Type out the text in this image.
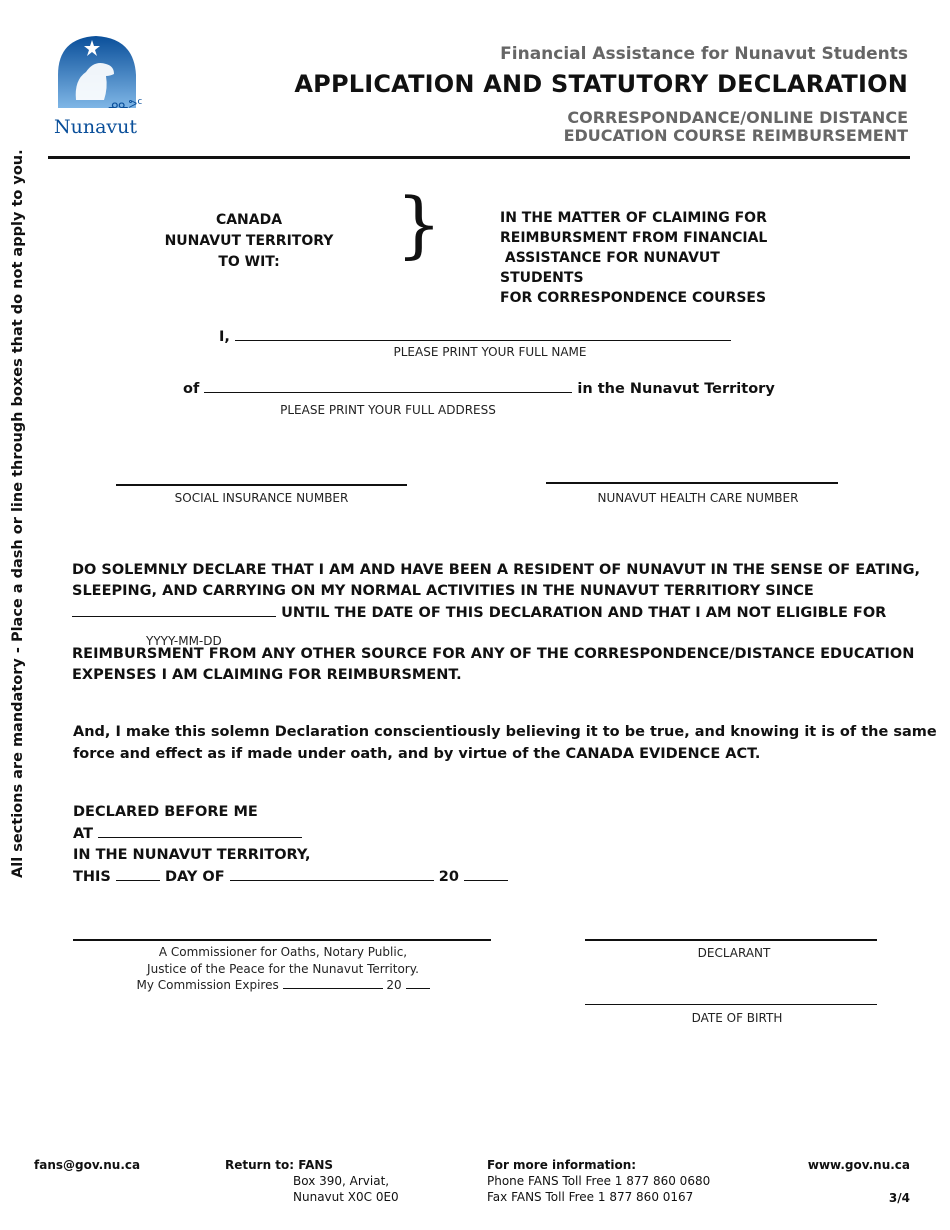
ᓄᓇᕗᑦ
Nunavut
Financial Assistance for Nunavut Students
APPLICATION AND STATUTORY DECLARATION
CORRESPONDANCE/ONLINE DISTANCE
EDUCATION COURSE REIMBURSEMENT
All sections are mandatory - Place a dash or line through boxes that do not apply to you.	CANADA
NUNAVUT TERRITORY
TO WIT:	}	IN THE MATTER OF CLAIMING FOR
REIMBURSMENT FROM FINANCIAL
ASSISTANCE FOR NUNAVUT
STUDENTS
FOR CORRESPONDENCE COURSES
I,
PLEASE PRINT YOUR FULL NAME
of	in the Nunavut Territory
PLEASE PRINT YOUR FULL ADDRESS
SOCIAL INSURANCE NUMBER	NUNAVUT HEALTH CARE NUMBER
DO SOLEMNLY DECLARE THAT I AM AND HAVE BEEN A RESIDENT OF NUNAVUT IN THE SENSE OF EATING,
SLEEPING, AND CARRYING ON MY NORMAL ACTIVITIES IN THE NUNAVUT TERRITIORY SINCE
UNTIL THE DATE OF THIS DECLARATION AND THAT I AM NOT ELIGIBLE FOR
YYYY-MM-DD
REIMBURSMENT FROM ANY OTHER SOURCE FOR ANY OF THE CORRESPONDENCE/DISTANCE EDUCATION
EXPENSES I AM CLAIMING FOR REIMBURSMENT.
And, I make this solemn Declaration conscientiously believing it to be true, and knowing it is of the same
force and effect as if made under oath, and by virtue of the CANADA EVIDENCE ACT.
DECLARED BEFORE ME
AT
IN THE NUNAVUT TERRITORY,
THIS	DAY OF	20
A Commissioner for Oaths, Notary Public,
Justice of the Peace for the Nunavut Territory.
My Commission Expires	20
DECLARANT
DATE OF BIRTH
fans@gov.nu.ca	Return to: FANS
Box 390, Arviat,
Nunavut X0C 0E0
For more information:
Phone FANS Toll Free 1 877 860 0680
Fax FANS Toll Free 1 877 860 0167
www.gov.nu.ca
3/4
